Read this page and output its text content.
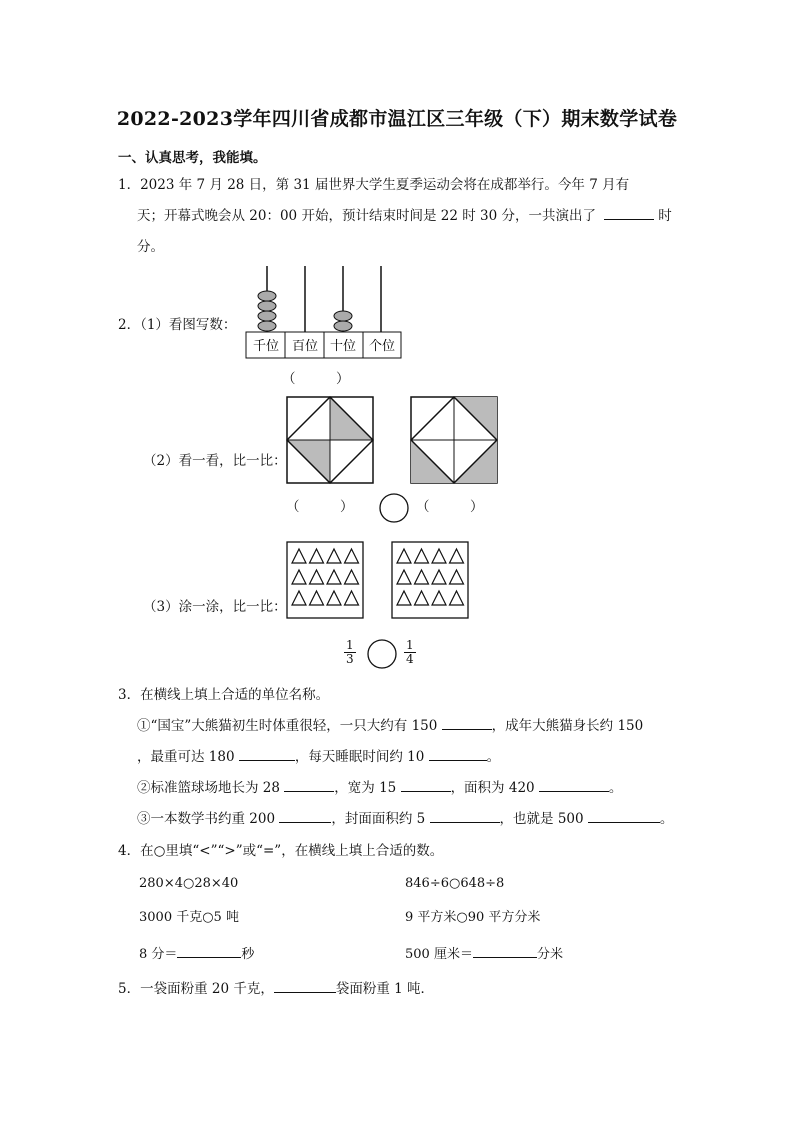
2022-2023学年四川省成都市温江区三年级（下）期末数学试卷
一、认真思考，我能填。
1．2023 年 7 月 28 日，第 31 届世界大学生夏季运动会将在成都举行。今年 7 月有
天；开幕式晚会从 20：00 开始，预计结束时间是 22 时 30 分，一共演出了	时
分。
2．（1）看图写数：
千位 百位 十位 个位
（　　　）
（2）看一看，比一比：
（　　　）	（　　　）
（3）涂一涂，比一比：
$\frac{1}{3}$	$\frac{1}{4}$
3．在横线上填上合适的单位名称。
①“国宝”大熊猫初生时体重很轻，一只大约有 150	，成年大熊猫身长约 150
，最重可达 180	，每天睡眠时间约 10	。
②标准篮球场地长为 28	，宽为 15	，面积为 420	。
③一本数学书约重 200	，封面面积约 5	，也就是 500	。
4．在○里填“<”“>”或“=”，在横线上填上合适的数。
280×4○28×40	846÷6○648÷8
3000 千克○5 吨	9 平方米○90 平方分米
8 分＝	秒	500 厘米＝	分米
5．一袋面粉重 20 千克，	袋面粉重 1 吨．
